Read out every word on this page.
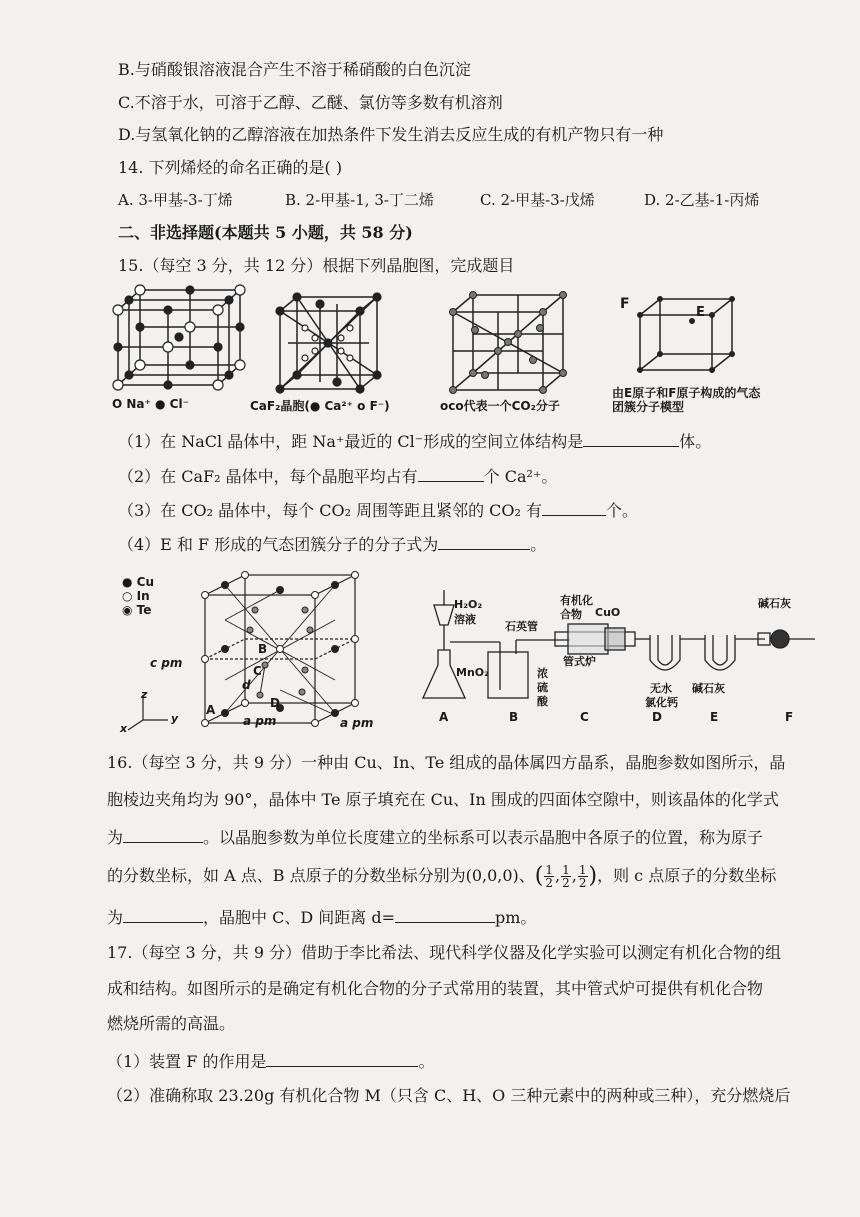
B.与硝酸银溶液混合产生不溶于稀硝酸的白色沉淀
C.不溶于水，可溶于乙醇、乙醚、氯仿等多数有机溶剂
D.与氢氧化钠的乙醇溶液在加热条件下发生消去反应生成的有机产物只有一种
14. 下列烯烃的命名正确的是( )
A. 3-甲基-3-丁烯	B. 2-甲基-1, 3-丁二烯	C. 2-甲基-3-戊烯	D. 2-乙基-1-丙烯
二、非选择题(本题共 5 小题，共 58 分)
15.（每空 3 分，共 12 分）根据下列晶胞图，完成题目
O Na⁺ ● Cl⁻	CaF₂晶胞(● Ca²⁺ o F⁻)	oco代表一个CO₂分子
F
E
由E原子和F原子构成的气态团簇分子模型
（1）在 NaCl 晶体中，距 Na⁺最近的 Cl⁻形成的空间立体结构是	体。
（2）在 CaF₂ 晶体中，每个晶胞平均占有	个 Ca²⁺。
（3）在 CO₂ 晶体中，每个 CO₂ 周围等距且紧邻的 CO₂ 有	个。
（4）E 和 F 形成的气态团簇分子的分子式为	。
● Cu
○ In
◉ Te
c pm
a pm	a pm
B
C
D
A
d
z
y
x
H₂O₂
溶液
MnO₂
石英管
有机化
合物 CuO
管式炉
浓
硫
酸
无水
氯化钙
碱石灰
碱石灰
A	B	C	D	E	F
16.（每空 3 分，共 9 分）一种由 Cu、In、Te 组成的晶体属四方晶系，晶胞参数如图所示，晶
胞棱边夹角均为 90°，晶体中 Te 原子填充在 Cu、In 围成的四面体空隙中，则该晶体的化学式
为	。以晶胞参数为单位长度建立的坐标系可以表示晶胞中各原子的位置，称为原子
的分数坐标，如 A 点、B 点原子的分数坐标分别为(0,0,0)、( $\frac{1}{2}$ , $\frac{1}{2}$ , $\frac{1}{2}$ )，则 c 点原子的分数坐标
为	，晶胞中 C、D 间距离 d=	pm。
17.（每空 3 分，共 9 分）借助于李比希法、现代科学仪器及化学实验可以测定有机化合物的组
成和结构。如图所示的是确定有机化合物的分子式常用的装置，其中管式炉可提供有机化合物
燃烧所需的高温。
（1）装置 F 的作用是	。
（2）准确称取 23.20g 有机化合物 M（只含 C、H、O 三种元素中的两种或三种），充分燃烧后
